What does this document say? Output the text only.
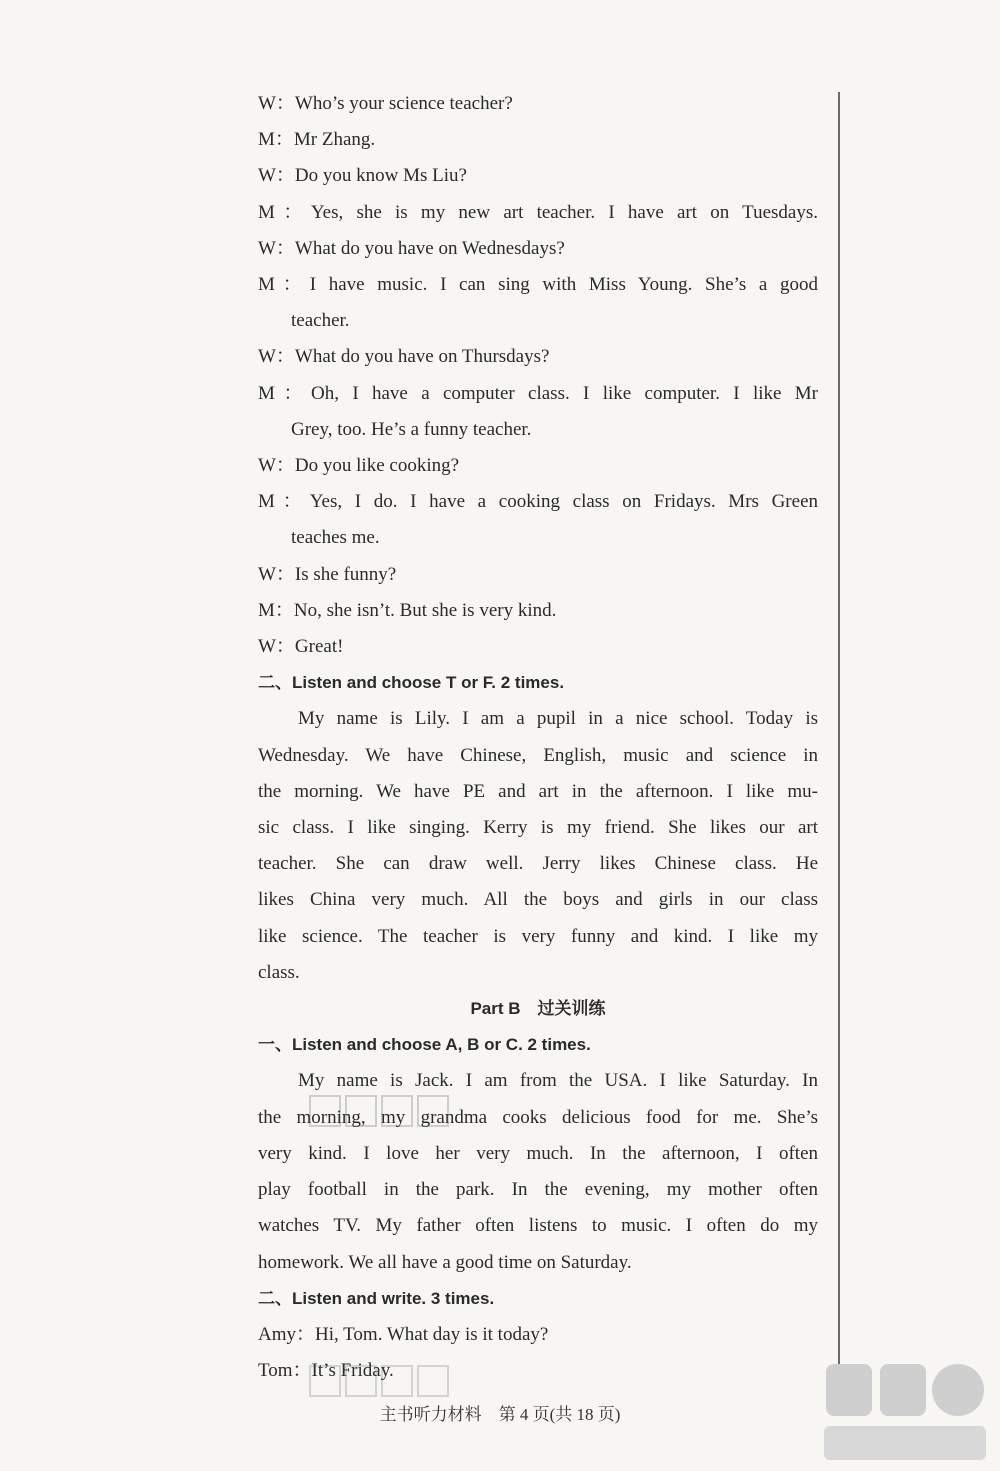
W：Who’s your science teacher?
M：Mr Zhang.
W：Do you know Ms Liu?
M：Yes, she is my new art teacher. I have art on Tuesdays.
W：What do you have on Wednesdays?
M：I have music. I can sing with Miss Young. She’s a good
teacher.
W：What do you have on Thursdays?
M：Oh, I have a computer class. I like computer. I like Mr
Grey, too. He’s a funny teacher.
W：Do you like cooking?
M：Yes, I do. I have a cooking class on Fridays. Mrs Green
teaches me.
W：Is she funny?
M：No, she isn’t. But she is very kind.
W：Great!
二、Listen and choose T or F. 2 times.
My name is Lily. I am a pupil in a nice school. Today is
Wednesday. We have Chinese, English, music and science in
the morning. We have PE and art in the afternoon. I like mu-
sic class. I like singing. Kerry is my friend. She likes our art
teacher. She can draw well. Jerry likes Chinese class. He
likes China very much. All the boys and girls in our class
like science. The teacher is very funny and kind. I like my
class.
Part B　过关训练
一、Listen and choose A, B or C. 2 times.
My name is Jack. I am from the USA. I like Saturday. In
the morning, my grandma cooks delicious food for me. She’s
very kind. I love her very much. In the afternoon, I often
play football in the park. In the evening, my mother often
watches TV. My father often listens to music. I often do my
homework. We all have a good time on Saturday.
二、Listen and write. 3 times.
Amy：Hi, Tom. What day is it today?
Tom：It’s Friday.
主书听力材料　第 4 页(共 18 页)
